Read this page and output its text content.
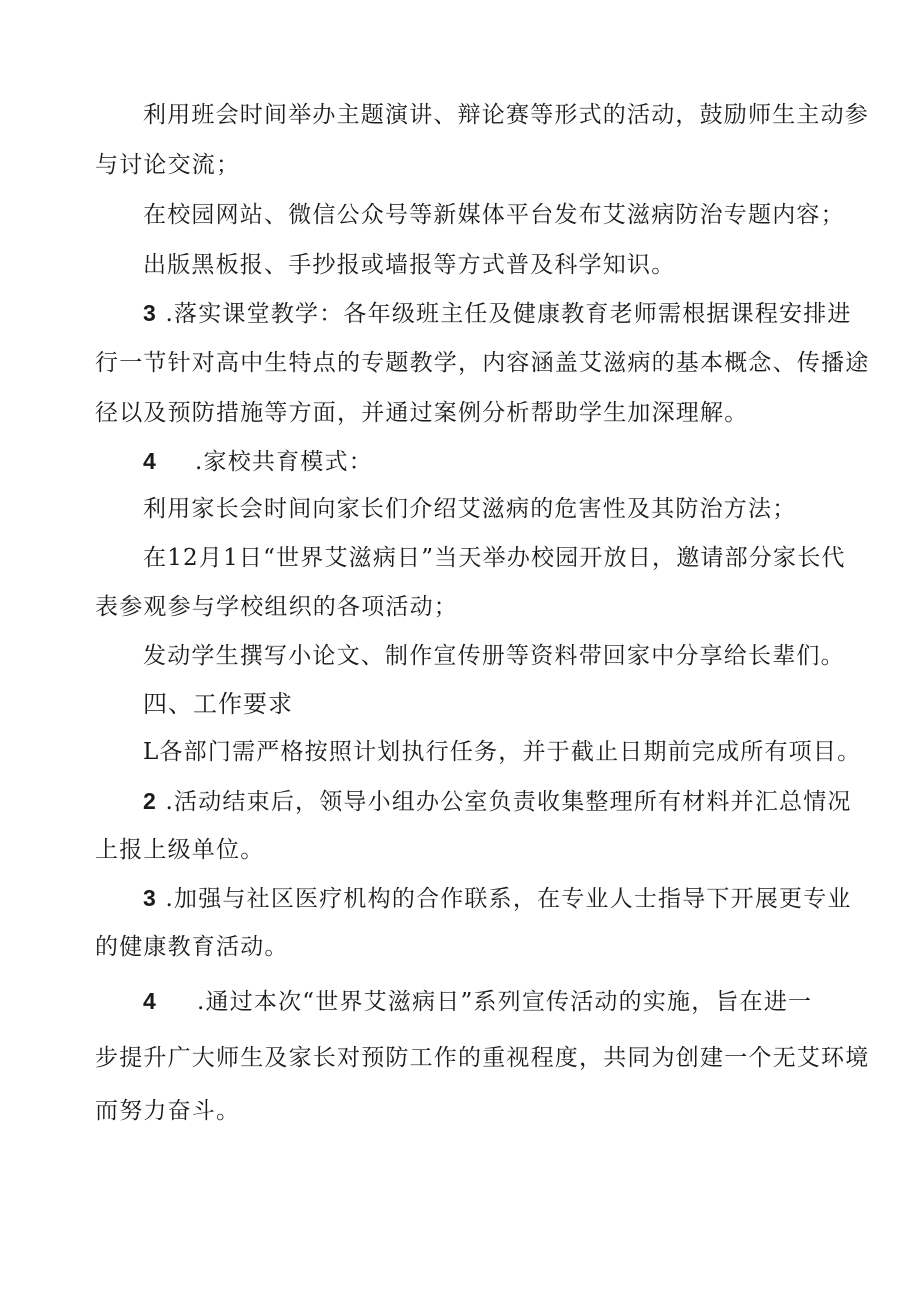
利用班会时间举办主题演讲、辩论赛等形式的活动，鼓励师生主动参
与讨论交流；
在校园网站、微信公众号等新媒体平台发布艾滋病防治专题内容；
出版黑板报、手抄报或墙报等方式普及科学知识。
3 .落实课堂教学：各年级班主任及健康教育老师需根据课程安排进
行一节针对高中生特点的专题教学，内容涵盖艾滋病的基本概念、传播途
径以及预防措施等方面，并通过案例分析帮助学生加深理解。
4 .家校共育模式：
利用家长会时间向家长们介绍艾滋病的危害性及其防治方法；
在12月1日“世界艾滋病日”当天举办校园开放日，邀请部分家长代
表参观参与学校组织的各项活动；
发动学生撰写小论文、制作宣传册等资料带回家中分享给长辈们。
四、工作要求
L各部门需严格按照计划执行任务，并于截止日期前完成所有项目。
2 .活动结束后，领导小组办公室负责收集整理所有材料并汇总情况
上报上级单位。
3 .加强与社区医疗机构的合作联系，在专业人士指导下开展更专业
的健康教育活动。
4 .通过本次“世界艾滋病日”系列宣传活动的实施，旨在进一
步提升广大师生及家长对预防工作的重视程度，共同为创建一个无艾环境
而努力奋斗。
